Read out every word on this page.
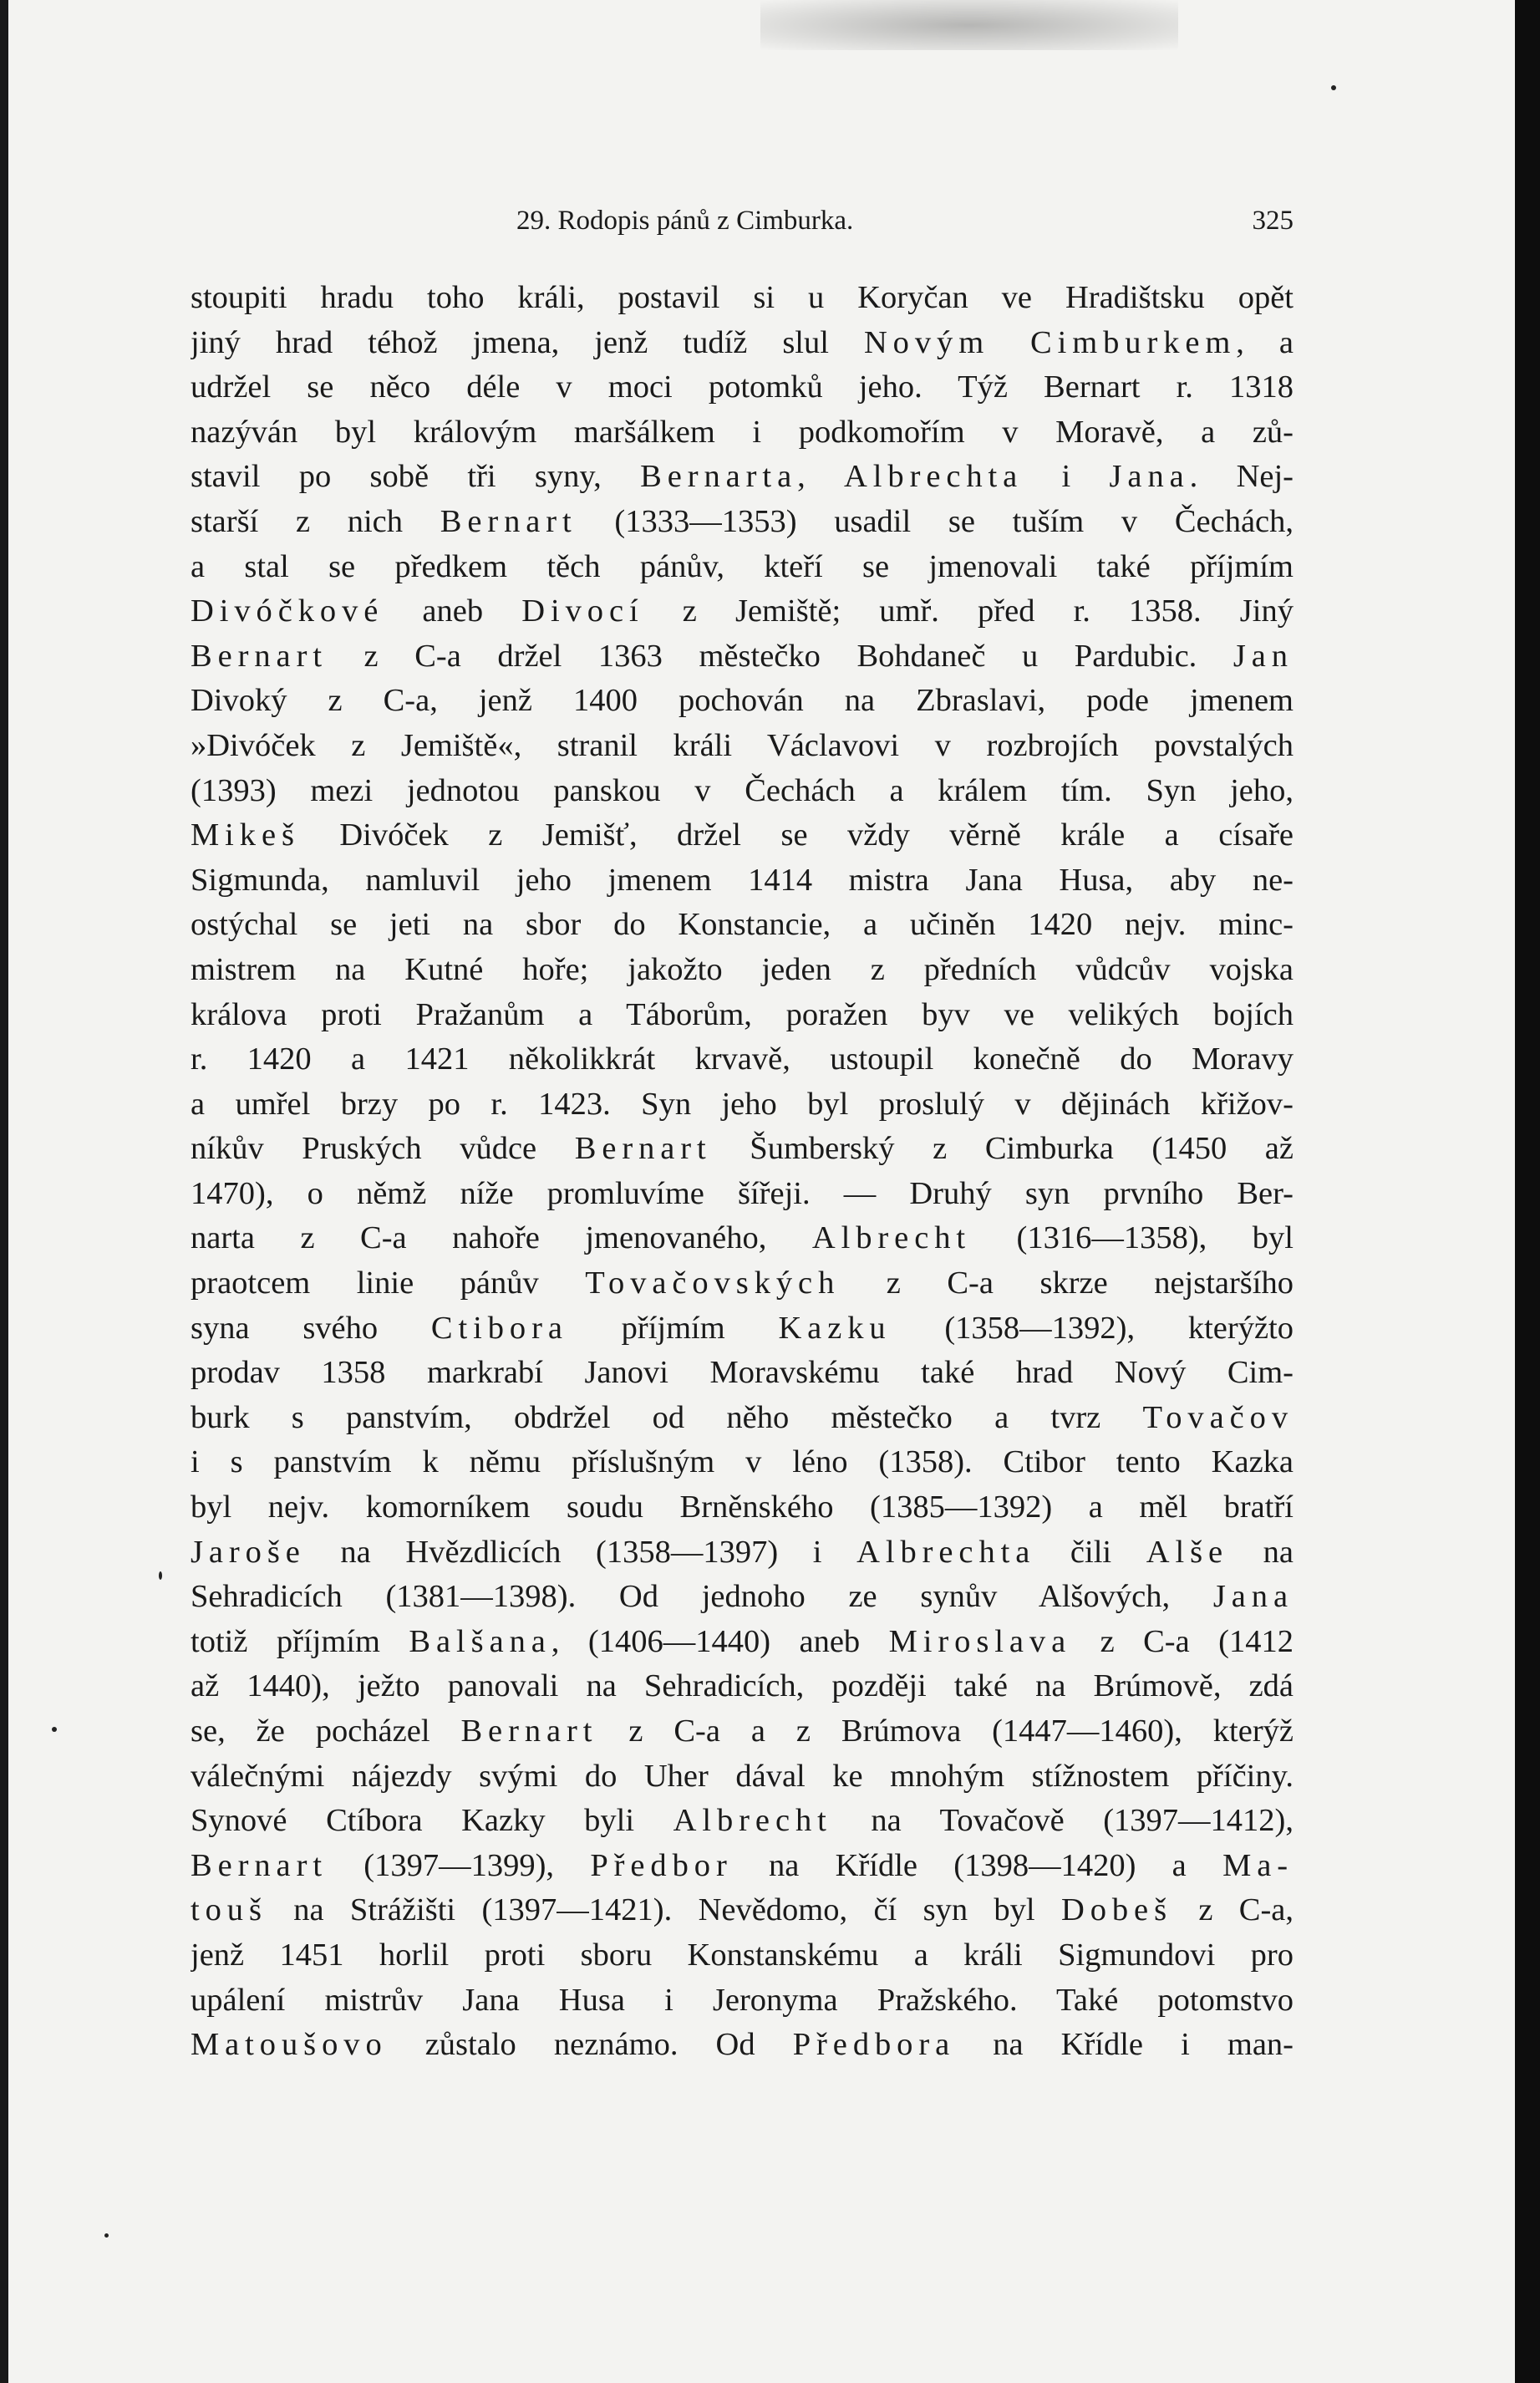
29. Rodopis pánů z Cimburka.	325
stoupiti hradu toho králi, postavil si u Koryčan ve Hradištsku opět
jiný hrad téhož jmena, jenž tudíž slul Novým Cimburkem, a
udržel se něco déle v moci potomků jeho. Týž Bernart r. 1318
nazýván byl královým maršálkem i podkomořím v Moravě, a zů-
stavil po sobě tři syny, Bernarta, Albrechta i Jana. Nej-
starší z nich Bernart (1333—1353) usadil se tuším v Čechách,
a stal se předkem těch pánův, kteří se jmenovali také příjmím
Divóčkové aneb Divocí z Jemiště; umř. před r. 1358. Jiný
Bernart z C-a držel 1363 městečko Bohdaneč u Pardubic. Jan
Divoký z C-a, jenž 1400 pochován na Zbraslavi, pode jmenem
»Divóček z Jemiště«, stranil králi Václavovi v rozbrojích povstalých
(1393) mezi jednotou panskou v Čechách a králem tím. Syn jeho,
Mikeš Divóček z Jemišť, držel se vždy věrně krále a císaře
Sigmunda, namluvil jeho jmenem 1414 mistra Jana Husa, aby ne-
ostýchal se jeti na sbor do Konstancie, a učiněn 1420 nejv. minc-
mistrem na Kutné hoře; jakožto jeden z předních vůdcův vojska
králova proti Pražanům a Táborům, poražen byv ve velikých bojích
r. 1420 a 1421 několikkrát krvavě, ustoupil konečně do Moravy
a umřel brzy po r. 1423. Syn jeho byl proslulý v dějinách křižov-
níkův Pruských vůdce Bernart Šumberský z Cimburka (1450 až
1470), o němž níže promluvíme šířeji. — Druhý syn prvního Ber-
narta z C-a nahoře jmenovaného, Albrecht (1316—1358), byl
praotcem linie pánův Tovačovských z C-a skrze nejstaršího
syna svého Ctibora příjmím Kazku (1358—1392), kterýžto
prodav 1358 markrabí Janovi Moravskému také hrad Nový Cim-
burk s panstvím, obdržel od něho městečko a tvrz Tovačov
i s panstvím k němu příslušným v léno (1358). Ctibor tento Kazka
byl nejv. komorníkem soudu Brněnského (1385—1392) a měl bratří
Jaroše na Hvězdlicích (1358—1397) i Albrechta čili Alše na
Sehradicích (1381—1398). Od jednoho ze synův Alšových, Jana
totiž příjmím Balšana, (1406—1440) aneb Miroslava z C-a (1412
až 1440), ježto panovali na Sehradicích, později také na Brúmově, zdá
se, že pocházel Bernart z C-a a z Brúmova (1447—1460), kterýž
válečnými nájezdy svými do Uher dával ke mnohým stížnostem příčiny.
Synové Ctíbora Kazky byli Albrecht na Tovačově (1397—1412),
Bernart (1397—1399), Předbor na Křídle (1398—1420) a Ma-
touš na Strážišti (1397—1421). Nevědomo, čí syn byl Dobeš z C-a,
jenž 1451 horlil proti sboru Konstanskému a králi Sigmundovi pro
upálení mistrův Jana Husa i Jeronyma Pražského. Také potomstvo
Matoušovo zůstalo neznámo. Od Předbora na Křídle i man-
